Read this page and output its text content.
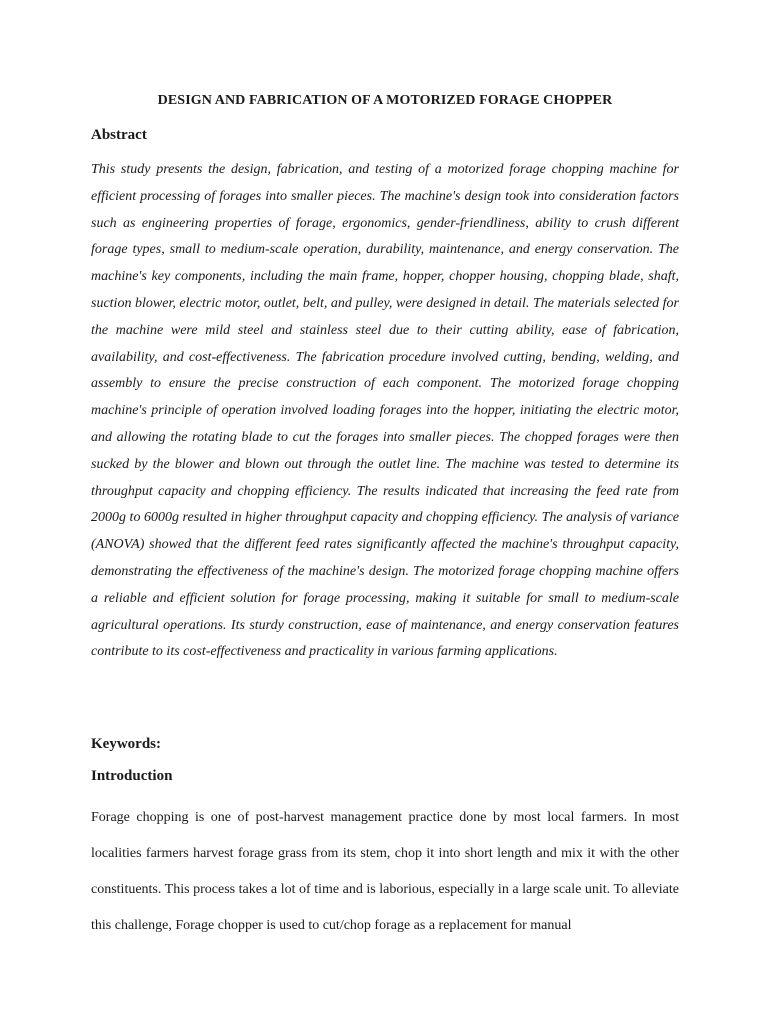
DESIGN AND FABRICATION OF A MOTORIZED FORAGE CHOPPER
Abstract

This study presents the design, fabrication, and testing of a motorized forage chopping machine for efficient processing of forages into smaller pieces. The machine's design took into consideration factors such as engineering properties of forage, ergonomics, gender-friendliness, ability to crush different forage types, small to medium-scale operation, durability, maintenance, and energy conservation. The machine's key components, including the main frame, hopper, chopper housing, chopping blade, shaft, suction blower, electric motor, outlet, belt, and pulley, were designed in detail. The materials selected for the machine were mild steel and stainless steel due to their cutting ability, ease of fabrication, availability, and cost-effectiveness. The fabrication procedure involved cutting, bending, welding, and assembly to ensure the precise construction of each component. The motorized forage chopping machine's principle of operation involved loading forages into the hopper, initiating the electric motor, and allowing the rotating blade to cut the forages into smaller pieces. The chopped forages were then sucked by the blower and blown out through the outlet line. The machine was tested to determine its throughput capacity and chopping efficiency. The results indicated that increasing the feed rate from 2000g to 6000g resulted in higher throughput capacity and chopping efficiency. The analysis of variance (ANOVA) showed that the different feed rates significantly affected the machine's throughput capacity, demonstrating the effectiveness of the machine's design. The motorized forage chopping machine offers a reliable and efficient solution for forage processing, making it suitable for small to medium-scale agricultural operations. Its sturdy construction, ease of maintenance, and energy conservation features contribute to its cost-effectiveness and practicality in various farming applications.

Keywords:
Introduction

Forage chopping is one of post-harvest management practice done by most local farmers. In most localities farmers harvest forage grass from its stem, chop it into short length and mix it with the other constituents. This process takes a lot of time and is laborious, especially in a large scale unit. To alleviate this challenge, Forage chopper is used to cut/chop forage as a replacement for manual
